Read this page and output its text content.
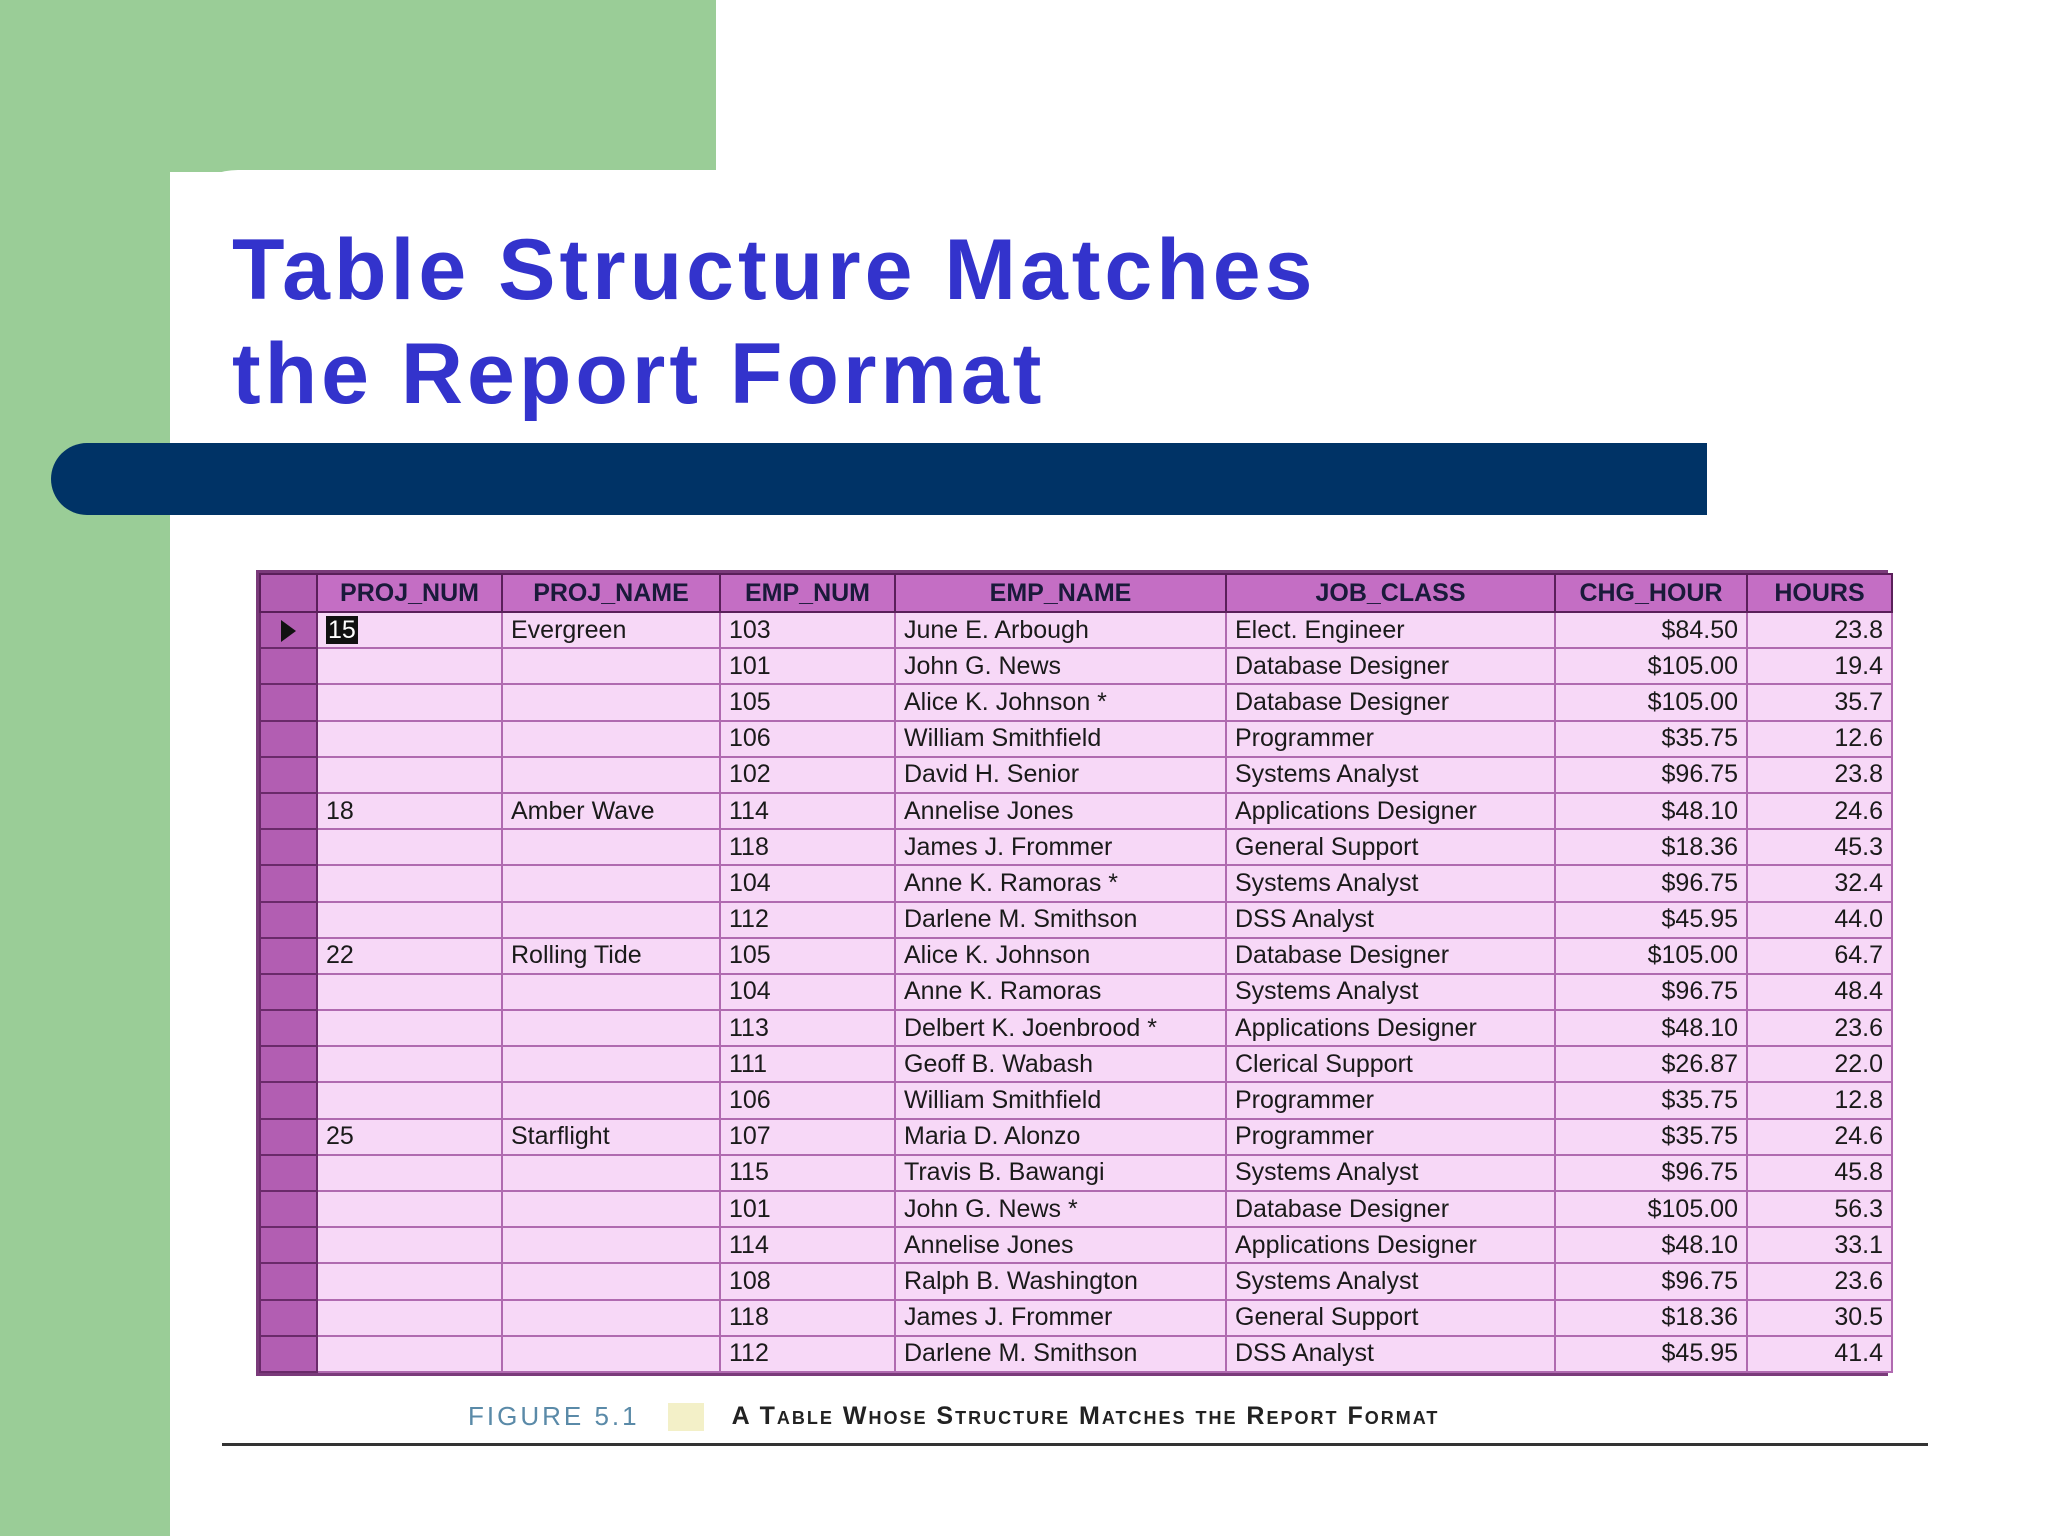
Table Structure Matches
the Report Format
	PROJ_NUM	PROJ_NAME	EMP_NUM	EMP_NAME	JOB_CLASS	CHG_HOUR	HOURS
	15	Evergreen	103	June E. Arbough	Elect. Engineer	$84.50	23.8
			101	John G. News	Database Designer	$105.00	19.4
			105	Alice K. Johnson *	Database Designer	$105.00	35.7
			106	William Smithfield	Programmer	$35.75	12.6
			102	David H. Senior	Systems Analyst	$96.75	23.8
	18	Amber Wave	114	Annelise Jones	Applications Designer	$48.10	24.6
			118	James J. Frommer	General Support	$18.36	45.3
			104	Anne K. Ramoras *	Systems Analyst	$96.75	32.4
			112	Darlene M. Smithson	DSS Analyst	$45.95	44.0
	22	Rolling Tide	105	Alice K. Johnson	Database Designer	$105.00	64.7
			104	Anne K. Ramoras	Systems Analyst	$96.75	48.4
			113	Delbert K. Joenbrood *	Applications Designer	$48.10	23.6
			111	Geoff B. Wabash	Clerical Support	$26.87	22.0
			106	William Smithfield	Programmer	$35.75	12.8
	25	Starflight	107	Maria D. Alonzo	Programmer	$35.75	24.6
			115	Travis B. Bawangi	Systems Analyst	$96.75	45.8
			101	John G. News *	Database Designer	$105.00	56.3
			114	Annelise Jones	Applications Designer	$48.10	33.1
			108	Ralph B. Washington	Systems Analyst	$96.75	23.6
			118	James J. Frommer	General Support	$18.36	30.5
			112	Darlene M. Smithson	DSS Analyst	$45.95	41.4
FIGURE 5.1	A Table Whose Structure Matches the Report Format
